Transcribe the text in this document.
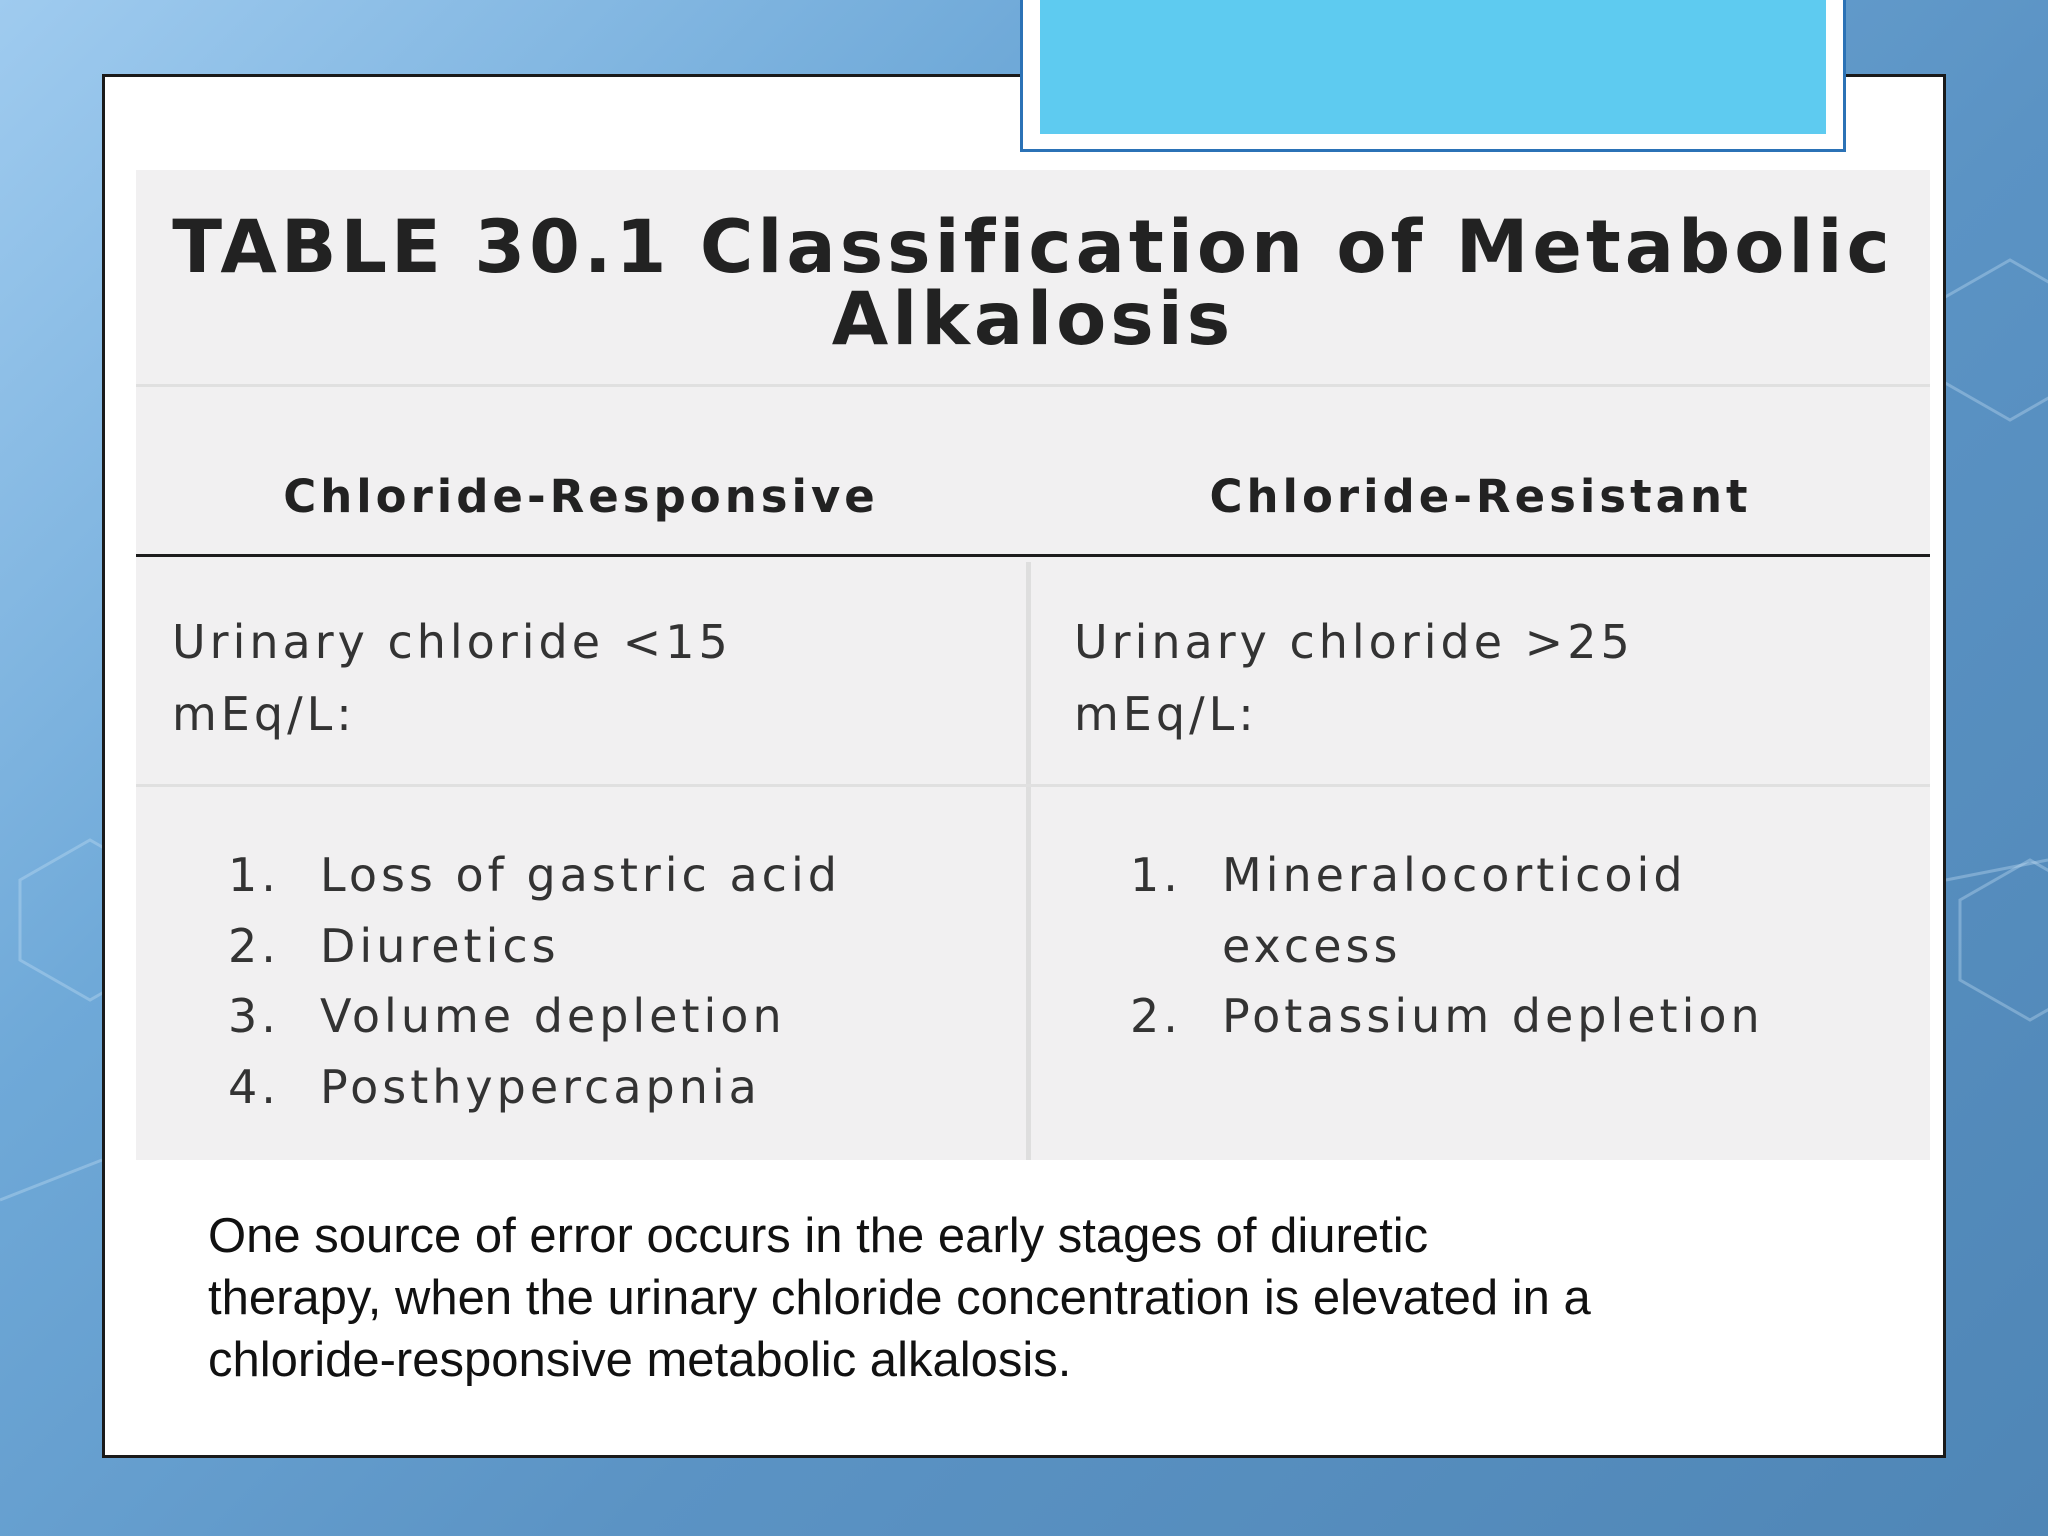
TABLE 30.1 Classification of Metabolic
Alkalosis
Chloride-Responsive	Chloride-Resistant
Urinary chloride <15
mEq/L:
Urinary chloride >25
mEq/L:
1. Loss of gastric acid
2. Diuretics
3. Volume depletion
4. Posthypercapnia
1. Mineralocorticoid
excess
2. Potassium depletion
One source of error occurs in the early stages of diuretic
therapy, when the urinary chloride concentration is elevated in a
chloride-responsive metabolic alkalosis.
